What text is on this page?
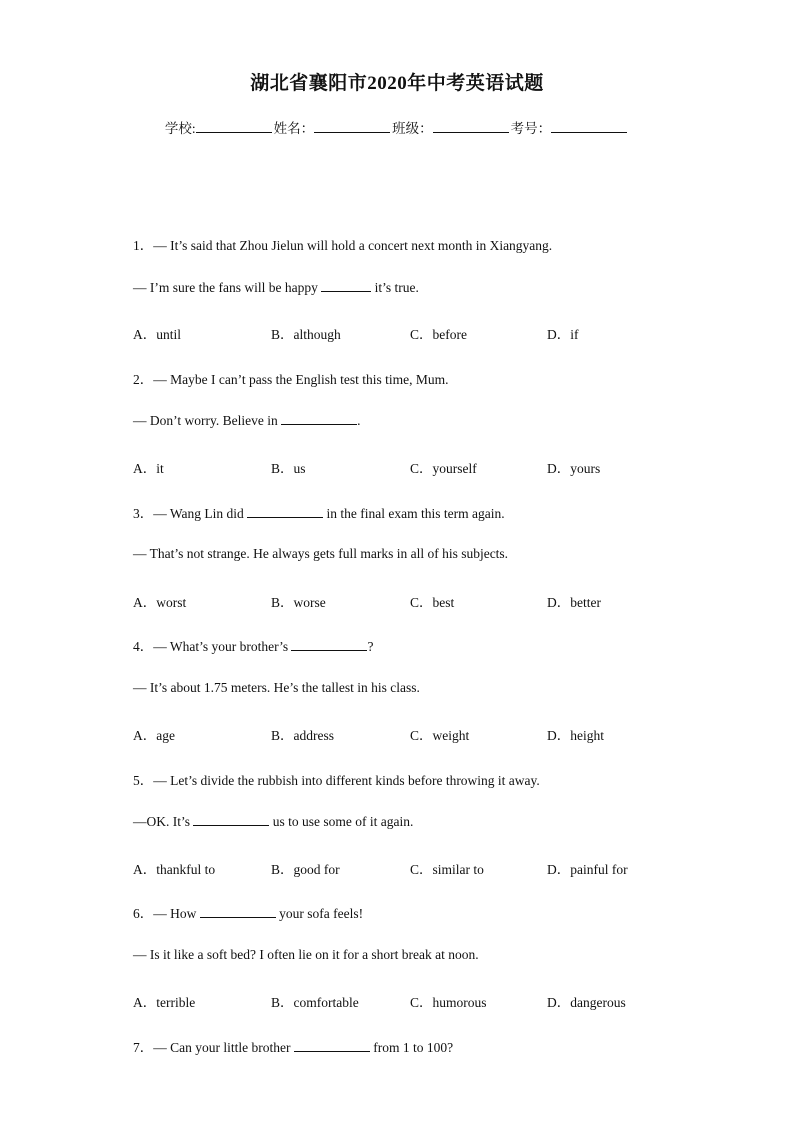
湖北省襄阳市2020年中考英语试题
学校:	姓名：	班级：	考号：
1．— It’s said that Zhou Jielun will hold a concert next month in Xiangyang.
— I’m sure the fans will be happy	it’s true.
A．until	B．although	C．before	D．if
2．— Maybe I can’t pass the English test this time, Mum.
— Don’t worry. Believe in	.
A．it	B．us	C．yourself	D．yours
3．— Wang Lin did	in the final exam this term again.
— That’s not strange. He always gets full marks in all of his subjects.
A．worst	B．worse	C．best	D．better
4．— What’s your brother’s	?
— It’s about 1.75 meters. He’s the tallest in his class.
A．age	B．address	C．weight	D．height
5．— Let’s divide the rubbish into different kinds before throwing it away.
—OK. It’s	us to use some of it again.
A．thankful to	B．good for	C．similar to	D．painful for
6．— How	your sofa feels!
— Is it like a soft bed? I often lie on it for a short break at noon.
A．terrible	B．comfortable	C．humorous	D．dangerous
7．— Can your little brother	from 1 to 100?
